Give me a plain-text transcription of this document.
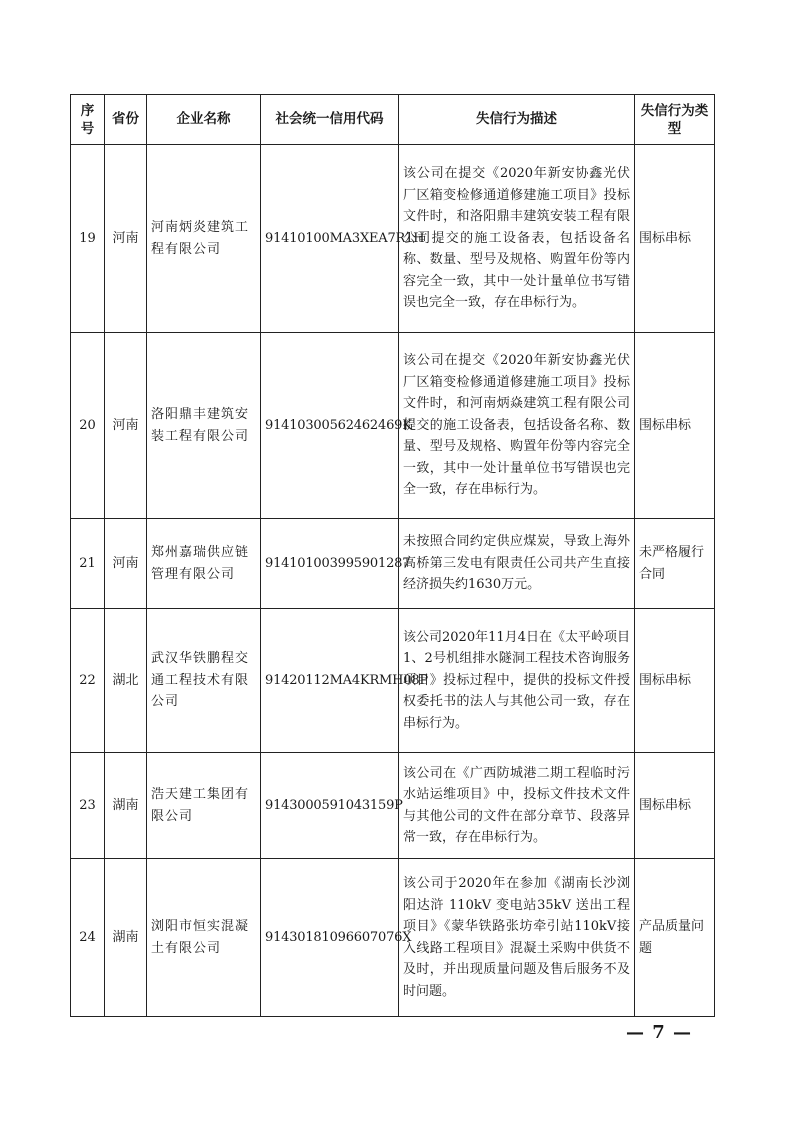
序号	省份	企业名称	社会统一信用代码	失信行为描述	失信行为类型
19	河南	河南炳炎建筑工程有限公司	91410100MA3XEA7R1H	该公司在提交《2020年新安协鑫光伏厂区箱变检修通道修建施工项目》投标文件时，和洛阳鼎丰建筑安装工程有限公司提交的施工设备表，包括设备名称、数量、型号及规格、购置年份等内容完全一致，其中一处计量单位书写错误也完全一致，存在串标行为。	围标串标
20	河南	洛阳鼎丰建筑安装工程有限公司	91410300562462469K	该公司在提交《2020年新安协鑫光伏厂区箱变检修通道修建施工项目》投标文件时，和河南炳焱建筑工程有限公司提交的施工设备表，包括设备名称、数量、型号及规格、购置年份等内容完全一致，其中一处计量单位书写错误也完全一致，存在串标行为。	围标串标
21	河南	郑州嘉瑞供应链管理有限公司	914101003995901287	未按照合同约定供应煤炭，导致上海外高桥第三发电有限责任公司共产生直接经济损失约1630万元。	未严格履行合同
22	湖北	武汉华铁鹏程交通工程技术有限公司	91420112MA4KRMH08P	该公司2020年11月4日在《太平岭项目1、2号机组排水隧洞工程技术咨询服务项目》投标过程中，提供的投标文件授权委托书的法人与其他公司一致，存在串标行为。	围标串标
23	湖南	浩天建工集团有限公司	9143000591043159P	该公司在《广西防城港二期工程临时污水站运维项目》中，投标文件技术文件与其他公司的文件在部分章节、段落异常一致，存在串标行为。	围标串标
24	湖南	浏阳市恒实混凝土有限公司	91430181096607076X	该公司于2020年在参加《湖南长沙浏阳达浒 110kV 变电站35kV 送出工程项目》《蒙华铁路张坊牵引站110kV接入线路工程项目》混凝土采购中供货不及时，并出现质量问题及售后服务不及时问题。	产品质量问题
— 7 —
